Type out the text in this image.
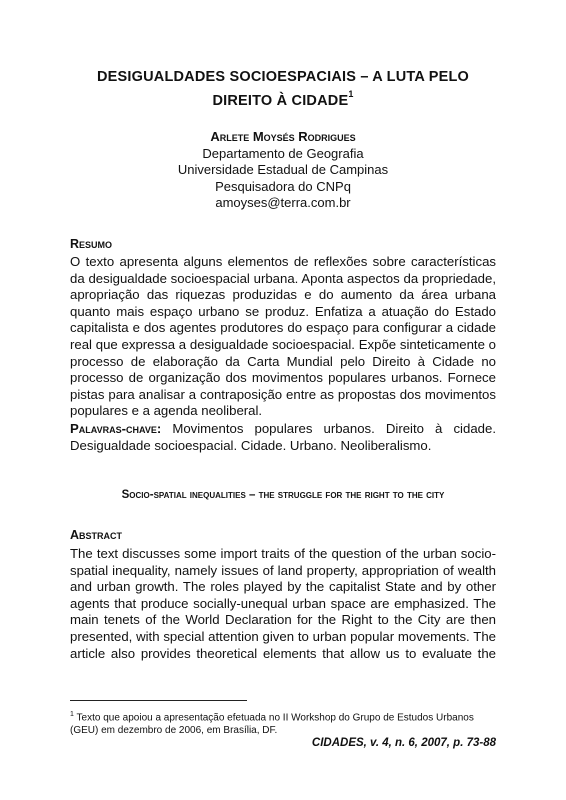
DESIGUALDADES SOCIOESPACIAIS – A LUTA PELO
DIREITO À CIDADE$^1$
Arlete Moysés Rodrigues
Departamento de Geografia
Universidade Estadual de Campinas
Pesquisadora do CNPq
amoyses@terra.com.br
Resumo
O texto apresenta alguns elementos de reflexões sobre características
da desigualdade socioespacial urbana. Aponta aspectos da propriedade,
apropriação das riquezas produzidas e do aumento da área urbana
quanto mais espaço urbano se produz. Enfatiza a atuação do Estado
capitalista e dos agentes produtores do espaço para configurar a cidade
real que expressa a desigualdade socioespacial. Expõe sinteticamente o
processo de elaboração da Carta Mundial pelo Direito à Cidade no
processo de organização dos movimentos populares urbanos. Fornece
pistas para analisar a contraposição entre as propostas dos movimentos
populares e a agenda neoliberal.
Palavras-chave: Movimentos populares urbanos. Direito à cidade.
Desigualdade socioespacial. Cidade. Urbano. Neoliberalismo.
Socio-spatial inequalities – the struggle for the right to the city
Abstract
The text discusses some import traits of the question of the urban socio-
spatial inequality, namely issues of land property, appropriation of wealth
and urban growth. The roles played by the capitalist State and by other
agents that produce socially-unequal urban space are emphasized. The
main tenets of the World Declaration for the Right to the City are then
presented, with special attention given to urban popular movements. The
article also provides theoretical elements that allow us to evaluate the
$^1$ Texto que apoiou a apresentação efetuada no II Workshop do Grupo de Estudos Urbanos
(GEU) em dezembro de 2006, em Brasília, DF.
CIDADES, v. 4, n. 6, 2007, p. 73-88
